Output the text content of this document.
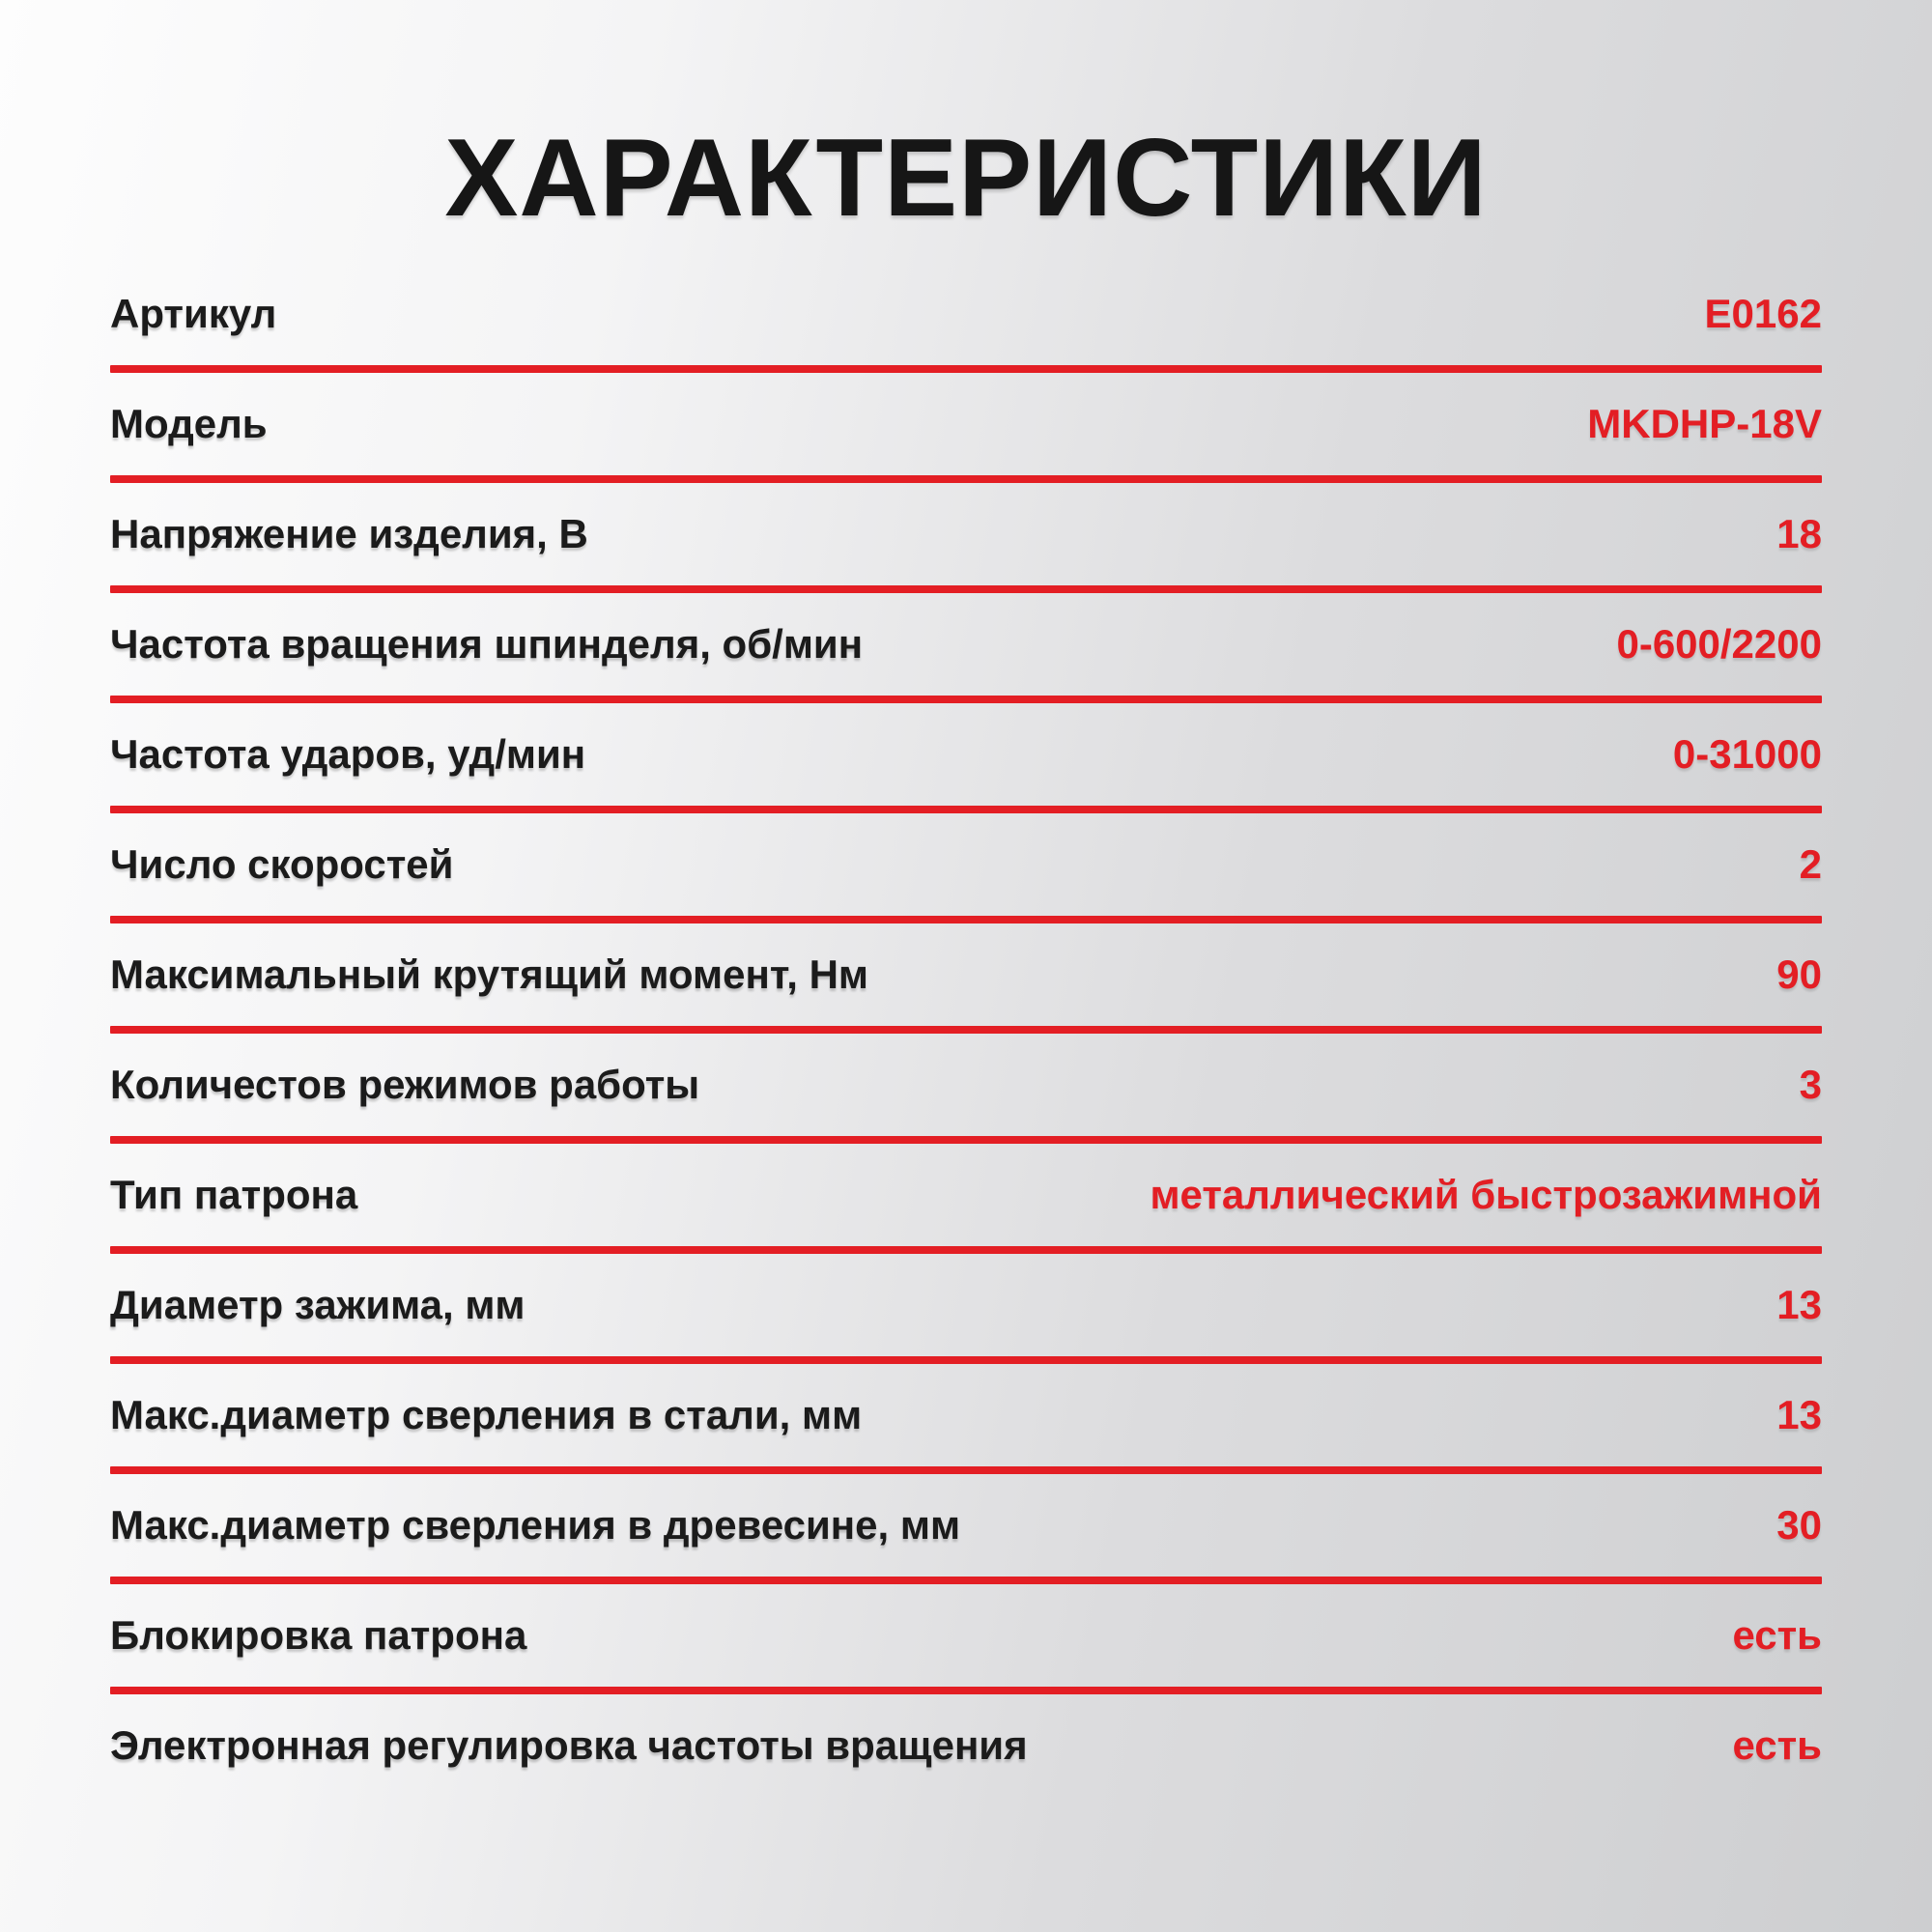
ХАРАКТЕРИСТИКИ
Артикул	E0162
Модель	MKDHP-18V
Напряжение изделия, В	18
Частота вращения шпинделя, об/мин	0-600/2200
Частота ударов, уд/мин	0-31000
Число скоростей	2
Максимальный крутящий момент, Нм	90
Количестов режимов работы	3
Тип патрона	металлический быстрозажимной
Диаметр зажима, мм	13
Макс.диаметр сверления в стали, мм	13
Макс.диаметр сверления в древесине, мм	30
Блокировка патрона	есть
Электронная регулировка частоты вращения	есть
